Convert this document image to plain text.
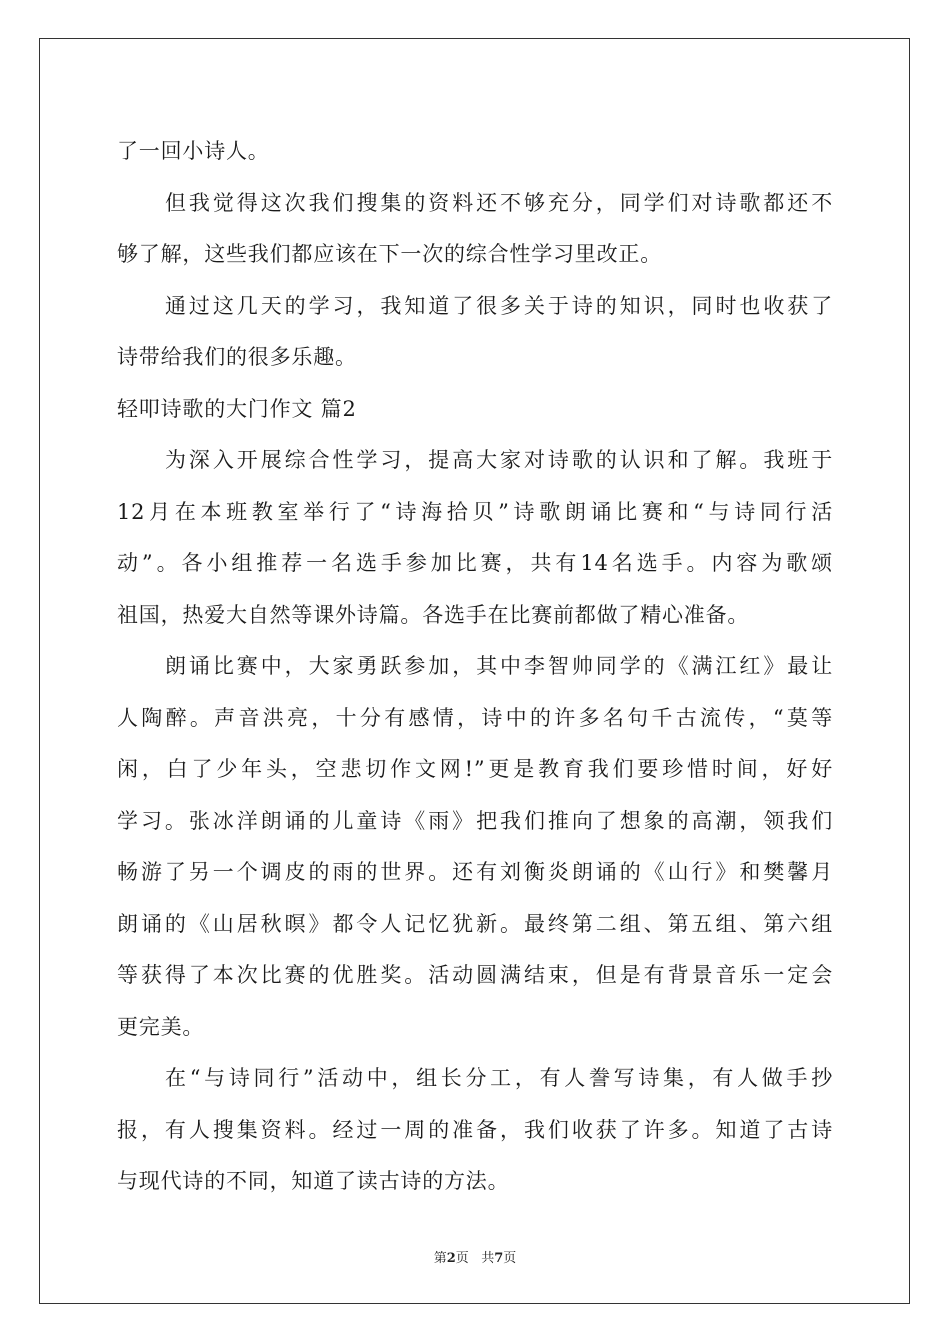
了一回小诗人。
但我觉得这次我们搜集的资料还不够充分，同学们对诗歌都还不
够了解，这些我们都应该在下一次的综合性学习里改正。
通过这几天的学习，我知道了很多关于诗的知识，同时也收获了
诗带给我们的很多乐趣。
轻叩诗歌的大门作文 篇2
为深入开展综合性学习，提高大家对诗歌的认识和了解。我班于
12月在本班教室举行了“诗海拾贝”诗歌朗诵比赛和“与诗同行活
动”。各小组推荐一名选手参加比赛，共有14名选手。内容为歌颂
祖国，热爱大自然等课外诗篇。各选手在比赛前都做了精心准备。
朗诵比赛中，大家勇跃参加，其中李智帅同学的《满江红》最让
人陶醉。声音洪亮，十分有感情，诗中的许多名句千古流传，“莫等
闲，白了少年头，空悲切作文网!”更是教育我们要珍惜时间，好好
学习。张冰洋朗诵的儿童诗《雨》把我们推向了想象的高潮，领我们
畅游了另一个调皮的雨的世界。还有刘衡炎朗诵的《山行》和樊馨月
朗诵的《山居秋暝》都令人记忆犹新。最终第二组、第五组、第六组
等获得了本次比赛的优胜奖。活动圆满结束，但是有背景音乐一定会
更完美。
在“与诗同行”活动中，组长分工，有人誊写诗集，有人做手抄
报，有人搜集资料。经过一周的准备，我们收获了许多。知道了古诗
与现代诗的不同，知道了读古诗的方法。
第2页 共7页
